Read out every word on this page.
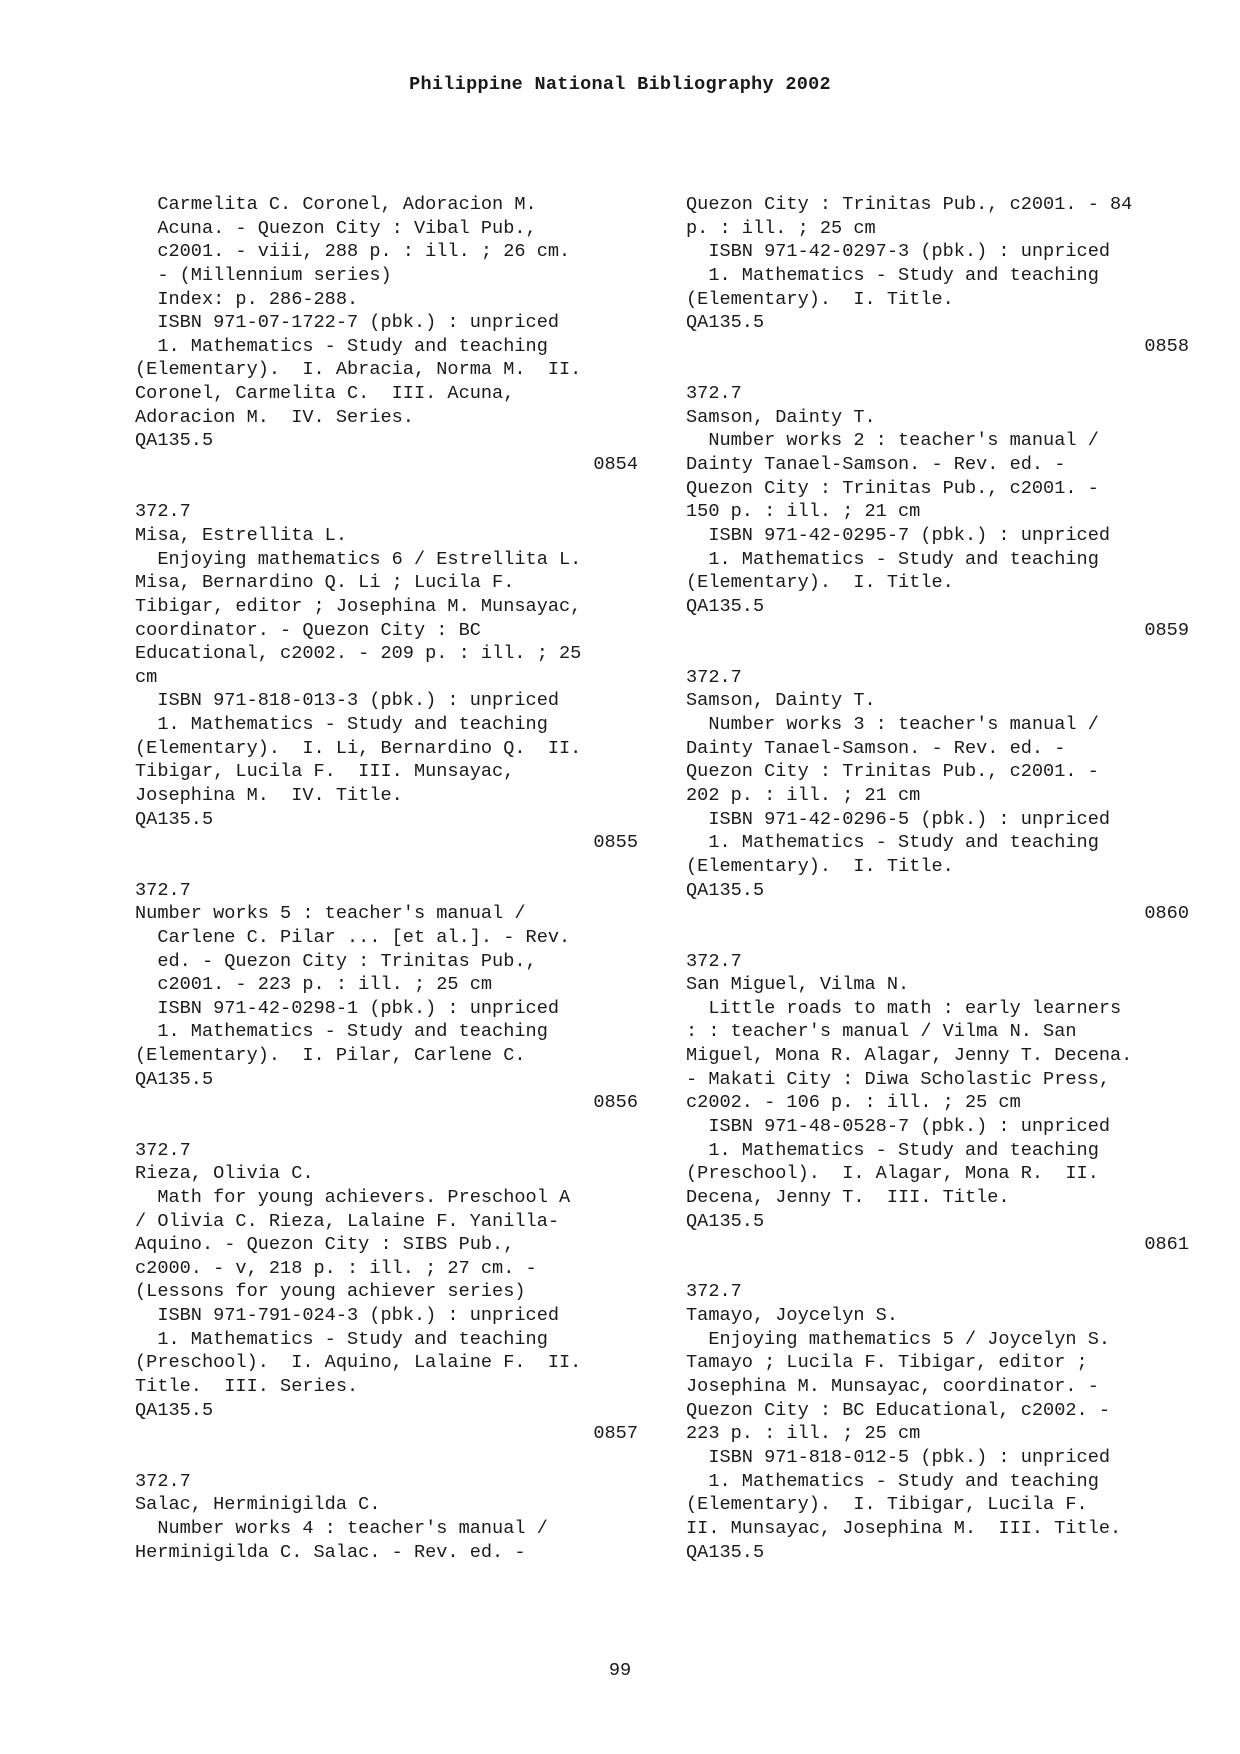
Philippine National Bibliography 2002
Carmelita C. Coronel, Adoracion M.
Acuna. - Quezon City : Vibal Pub.,
c2001. - viii, 288 p. : ill. ; 26 cm.
- (Millennium series)
Index: p. 286-288.
ISBN 971-07-1722-7 (pbk.) : unpriced
1. Mathematics - Study and teaching
(Elementary).  I. Abracia, Norma M.  II.
Coronel, Carmelita C.  III. Acuna,
Adoracion M.  IV. Series.
QA135.5
0854
372.7
Misa, Estrellita L.
Enjoying mathematics 6 / Estrellita L.
Misa, Bernardino Q. Li ; Lucila F.
Tibigar, editor ; Josephina M. Munsayac,
coordinator. - Quezon City : BC
Educational, c2002. - 209 p. : ill. ; 25
cm
ISBN 971-818-013-3 (pbk.) : unpriced
1. Mathematics - Study and teaching
(Elementary).  I. Li, Bernardino Q.  II.
Tibigar, Lucila F.  III. Munsayac,
Josephina M.  IV. Title.
QA135.5
0855
372.7
Number works 5 : teacher's manual /
Carlene C. Pilar ... [et al.]. - Rev.
ed. - Quezon City : Trinitas Pub.,
c2001. - 223 p. : ill. ; 25 cm
ISBN 971-42-0298-1 (pbk.) : unpriced
1. Mathematics - Study and teaching
(Elementary).  I. Pilar, Carlene C.
QA135.5
0856
372.7
Rieza, Olivia C.
Math for young achievers. Preschool A
/ Olivia C. Rieza, Lalaine F. Yanilla-
Aquino. - Quezon City : SIBS Pub.,
c2000. - v, 218 p. : ill. ; 27 cm. -
(Lessons for young achiever series)
ISBN 971-791-024-3 (pbk.) : unpriced
1. Mathematics - Study and teaching
(Preschool).  I. Aquino, Lalaine F.  II.
Title.  III. Series.
QA135.5
0857
372.7
Salac, Herminigilda C.
Number works 4 : teacher's manual /
Herminigilda C. Salac. - Rev. ed. -
Quezon City : Trinitas Pub., c2001. - 84
p. : ill. ; 25 cm
ISBN 971-42-0297-3 (pbk.) : unpriced
1. Mathematics - Study and teaching
(Elementary).  I. Title.
QA135.5
0858
372.7
Samson, Dainty T.
Number works 2 : teacher's manual /
Dainty Tanael-Samson. - Rev. ed. -
Quezon City : Trinitas Pub., c2001. -
150 p. : ill. ; 21 cm
ISBN 971-42-0295-7 (pbk.) : unpriced
1. Mathematics - Study and teaching
(Elementary).  I. Title.
QA135.5
0859
372.7
Samson, Dainty T.
Number works 3 : teacher's manual /
Dainty Tanael-Samson. - Rev. ed. -
Quezon City : Trinitas Pub., c2001. -
202 p. : ill. ; 21 cm
ISBN 971-42-0296-5 (pbk.) : unpriced
1. Mathematics - Study and teaching
(Elementary).  I. Title.
QA135.5
0860
372.7
San Miguel, Vilma N.
Little roads to math : early learners
: : teacher's manual / Vilma N. San
Miguel, Mona R. Alagar, Jenny T. Decena.
- Makati City : Diwa Scholastic Press,
c2002. - 106 p. : ill. ; 25 cm
ISBN 971-48-0528-7 (pbk.) : unpriced
1. Mathematics - Study and teaching
(Preschool).  I. Alagar, Mona R.  II.
Decena, Jenny T.  III. Title.
QA135.5
0861
372.7
Tamayo, Joycelyn S.
Enjoying mathematics 5 / Joycelyn S.
Tamayo ; Lucila F. Tibigar, editor ;
Josephina M. Munsayac, coordinator. -
Quezon City : BC Educational, c2002. -
223 p. : ill. ; 25 cm
ISBN 971-818-012-5 (pbk.) : unpriced
1. Mathematics - Study and teaching
(Elementary).  I. Tibigar, Lucila F.
II. Munsayac, Josephina M.  III. Title.
QA135.5
99
